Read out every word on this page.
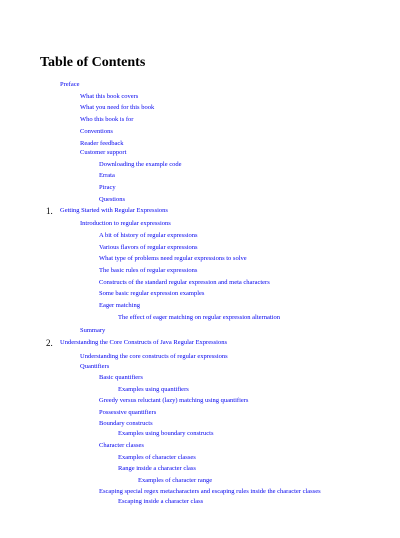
Table of Contents
Preface
What this book covers
What you need for this book
Who this book is for
Conventions
Reader feedback
Customer support
Downloading the example code
Errata
Piracy
Questions
1. Getting Started with Regular Expressions
Introduction to regular expressions
A bit of history of regular expressions
Various flavors of regular expressions
What type of problems need regular expressions to solve
The basic rules of regular expressions
Constructs of the standard regular expression and meta characters
Some basic regular expression examples
Eager matching
The effect of eager matching on regular expression alternation
Summary
2. Understanding the Core Constructs of Java Regular Expressions
Understanding the core constructs of regular expressions
Quantifiers
Basic quantifiers
Examples using quantifiers
Greedy versus reluctant (lazy) matching using quantifiers
Possessive quantifiers
Boundary constructs
Examples using boundary constructs
Character classes
Examples of character classes
Range inside a character class
Examples of character range
Escaping special regex metacharacters and escaping rules inside the character classes
Escaping inside a character class
